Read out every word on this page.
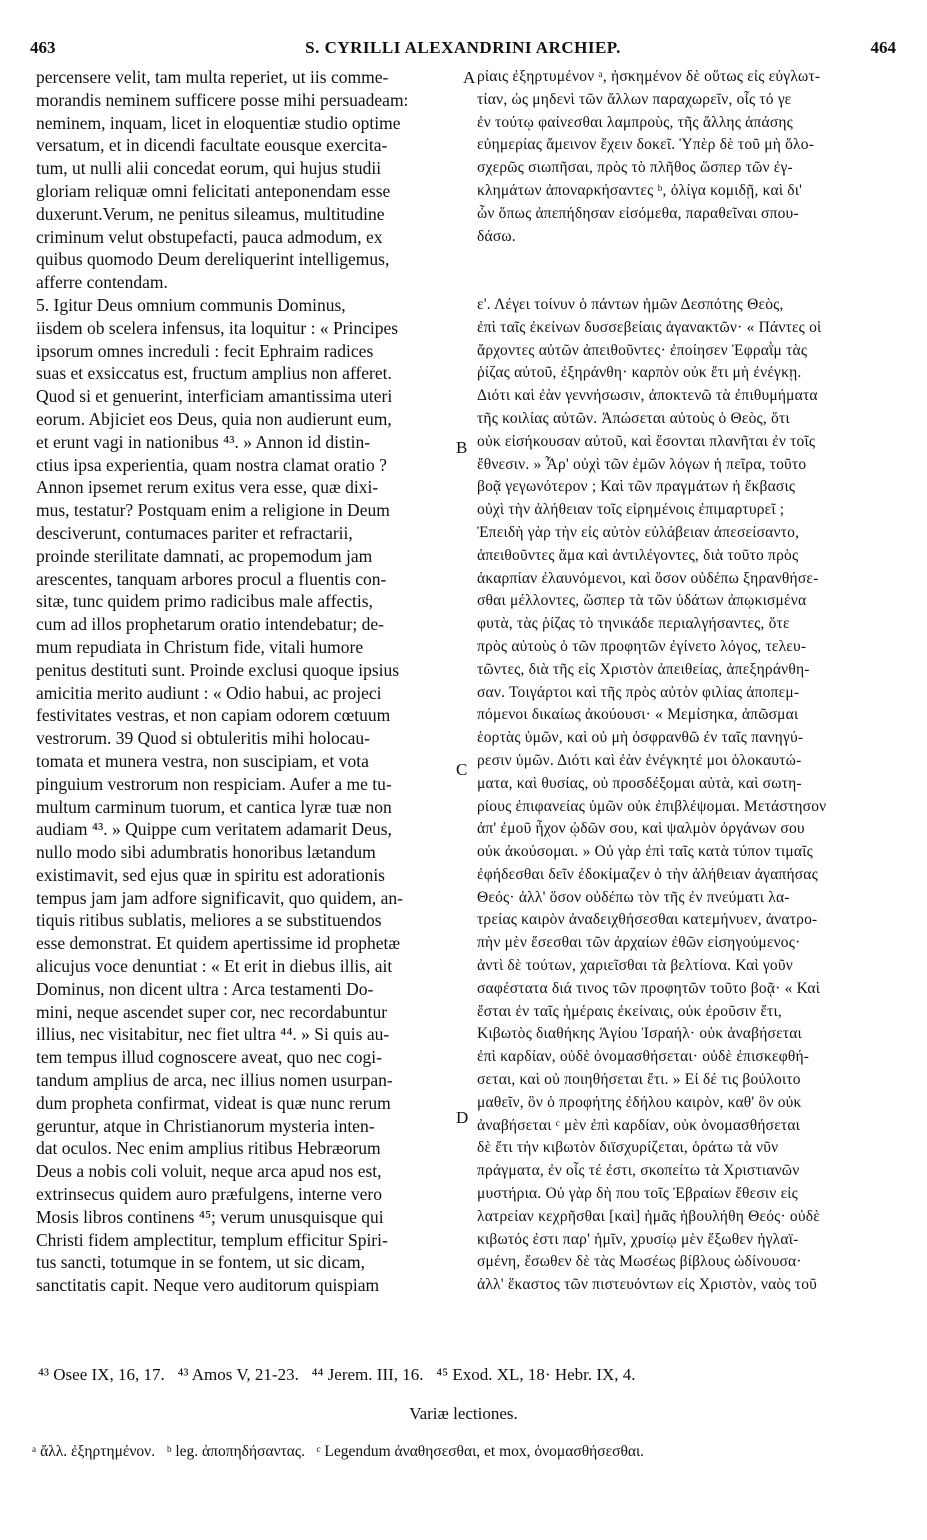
463	S. CYRILLI ALEXANDRINI ARCHIEP.	464
percensere velit, tam multa reperiet, ut iis comme-
morandis neminem sufficere posse mihi persuadeam:
neminem, inquam, licet in eloquentiæ studio optime
versatum, et in dicendi facultate eousque exercita-
tum, ut nulli alii concedat eorum, qui hujus studii
gloriam reliquæ omni felicitati anteponendam esse
duxerunt.Verum, ne penitus sileamus, multitudine
criminum velut obstupefacti, pauca admodum, ex
quibus quomodo Deum dereliquerint intelligemus,
afferre contendam.
5. Igitur Deus omnium communis Dominus,
iisdem ob scelera infensus, ita loquitur : « Principes
ipsorum omnes increduli : fecit Ephraim radices
suas et exsiccatus est, fructum amplius non afferet.
Quod si et genuerint, interficiam amantissima uteri
eorum. Abjiciet eos Deus, quia non audierunt eum,
et erunt vagi in nationibus ⁴³. » Annon id distin-
ctius ipsa experientia, quam nostra clamat oratio ?
Annon ipsemet rerum exitus vera esse, quæ dixi-
mus, testatur? Postquam enim a religione in Deum
desciverunt, contumaces pariter et refractarii,
proinde sterilitate damnati, ac propemodum jam
arescentes, tanquam arbores procul a fluentis con-
sitæ, tunc quidem primo radicibus male affectis,
cum ad illos prophetarum oratio intendebatur; de-
mum repudiata in Christum fide, vitali humore
penitus destituti sunt. Proinde exclusi quoque ipsius
amicitia merito audiunt : « Odio habui, ac projeci
festivitates vestras, et non capiam odorem cœtuum
vestrorum. 39 Quod si obtuleritis mihi holocau-
tomata et munera vestra, non suscipiam, et vota
pinguium vestrorum non respiciam. Aufer a me tu-
multum carminum tuorum, et cantica lyræ tuæ non
audiam ⁴³. » Quippe cum veritatem adamarit Deus,
nullo modo sibi adumbratis honoribus lætandum
existimavit, sed ejus quæ in spiritu est adorationis
tempus jam jam adfore significavit, quo quidem, an-
tiquis ritibus sublatis, meliores a se substituendos
esse demonstrat. Et quidem apertissime id prophetæ
alicujus voce denuntiat : « Et erit in diebus illis, ait
Dominus, non dicent ultra : Arca testamenti Do-
mini, neque ascendet super cor, nec recordabuntur
illius, nec visitabitur, nec fiet ultra ⁴⁴. » Si quis au-
tem tempus illud cognoscere aveat, quo nec cogi-
tandum amplius de arca, nec illius nomen usurpan-
dum propheta confirmat, videat is quæ nunc rerum
geruntur, atque in Christianorum mysteria inten-
dat oculos. Nec enim amplius ritibus Hebræorum
Deus a nobis coli voluit, neque arca apud nos est,
extrinsecus quidem auro præfulgens, interne vero
Mosis libros continens ⁴⁵; verum unusquisque qui
Christi fidem amplectitur, templum efficitur Spiri-
tus sancti, totumque in se fontem, ut sic dicam,
sanctitatis capit. Neque vero auditorum quispiam
ρίαις ἐξηρτυμένον ᵃ, ἠσκημένον δὲ οὕτως εἰς εὐγλωτ-
τίαν, ὡς μηδενὶ τῶν ἄλλων παραχωρεῖν, οἷς τό γε
ἐν τούτῳ φαίνεσθαι λαμπροὺς, τῆς ἄλλης ἁπάσης
εὐημερίας ἄμεινον ἔχειν δοκεῖ. Ὑπὲρ δὲ τοῦ μὴ ὅλο-
σχερῶς σιωπῆσαι, πρὸς τὸ πλῆθος ὥσπερ τῶν ἐγ-
κλημάτων ἀποναρκήσαντες ᵇ, ὀλίγα κομιδῇ, καὶ δι'
ὧν ὅπως ἀπεπήδησαν εἰσόμεθα, παραθεῖναι σπου-
δάσω.
ε'. Λέγει τοίνυν ὁ πάντων ἡμῶν Δεσπότης Θεὸς,
ἐπὶ ταῖς ἐκείνων δυσσεβείαις ἀγανακτῶν· « Πάντες οἱ
ἄρχοντες αὐτῶν ἀπειθοῦντες· ἐποίησεν Ἐφραῒμ τὰς
ῥίζας αὐτοῦ, ἐξηράνθη· καρπὸν οὐκ ἔτι μὴ ἐνέγκῃ.
Διότι καὶ ἐὰν γεννήσωσιν, ἀποκτενῶ τὰ ἐπιθυμήματα
τῆς κοιλίας αὐτῶν. Ἀπώσεται αὐτοὺς ὁ Θεὸς, ὅτι
οὐκ εἰσήκουσαν αὐτοῦ, καὶ ἔσονται πλανῆται ἐν τοῖς
ἔθνεσιν. » Ἆρ' οὐχὶ τῶν ἐμῶν λόγων ἡ πεῖρα, τοῦτο
βοᾷ γεγωνότερον ; Καὶ τῶν πραγμάτων ἡ ἔκβασις
οὐχὶ τὴν ἀλήθειαν τοῖς εἰρημένοις ἐπιμαρτυρεῖ ;
Ἐπειδὴ γὰρ τὴν εἰς αὐτὸν εὐλάβειαν ἀπεσείσαντο,
ἀπειθοῦντες ἅμα καὶ ἀντιλέγοντες, διὰ τοῦτο πρὸς
ἀκαρπίαν ἐλαυνόμενοι, καὶ ὅσον οὐδέπω ξηρανθήσε-
σθαι μέλλοντες, ὥσπερ τὰ τῶν ὑδάτων ἀπῳκισμένα
φυτὰ, τὰς ῥίζας τὸ τηνικάδε περιαλγήσαντες, ὅτε
πρὸς αὐτοὺς ὁ τῶν προφητῶν ἐγίνετο λόγος, τελευ-
τῶντες, διὰ τῆς εἰς Χριστὸν ἀπειθείας, ἀπεξηράνθη-
σαν. Τοιγάρτοι καὶ τῆς πρὸς αὐτὸν φιλίας ἀποπεμ-
πόμενοι δικαίως ἀκούουσι· « Μεμίσηκα, ἀπῶσμαι
ἑορτὰς ὑμῶν, καὶ οὐ μὴ ὀσφρανθῶ ἐν ταῖς πανηγύ-
ρεσιν ὑμῶν. Διότι καὶ ἐὰν ἐνέγκητέ μοι ὁλοκαυτώ-
ματα, καὶ θυσίας, οὐ προσδέξομαι αὐτὰ, καὶ σωτη-
ρίους ἐπιφανείας ὑμῶν οὐκ ἐπιβλέψομαι. Μετάστησον
ἀπ' ἐμοῦ ἦχον ᾠδῶν σου, καὶ ψαλμὸν ὀργάνων σου
οὐκ ἀκούσομαι. » Οὐ γὰρ ἐπὶ ταῖς κατὰ τύπον τιμαῖς
ἐφήδεσθαι δεῖν ἐδοκίμαζεν ὁ τὴν ἀλήθειαν ἀγαπήσας
Θεός· ἀλλ' ὅσον οὐδέπω τὸν τῆς ἐν πνεύματι λα-
τρείας καιρὸν ἀναδειχθήσεσθαι κατεμήνυεν, ἀνατρο-
πὴν μὲν ἔσεσθαι τῶν ἀρχαίων ἐθῶν εἰσηγούμενος·
ἀντὶ δὲ τούτων, χαριεῖσθαι τὰ βελτίονα. Καὶ γοῦν
σαφέστατα διά τινος τῶν προφητῶν τοῦτο βοᾷ· « Καὶ
ἔσται ἐν ταῖς ἡμέραις ἐκείναις, οὐκ ἐροῦσιν ἔτι,
Κιβωτὸς διαθήκης Ἁγίου Ἰσραήλ· οὐκ ἀναβήσεται
ἐπὶ καρδίαν, οὐδὲ ὀνομασθήσεται· οὐδὲ ἐπισκεφθή-
σεται, καὶ οὐ ποιηθήσεται ἔτι. » Εἰ δέ τις βούλοιτο
μαθεῖν, ὃν ὁ προφήτης ἐδήλου καιρὸν, καθ' ὃν οὐκ
ἀναβήσεται ᶜ μὲν ἐπὶ καρδίαν, οὐκ ὀνομασθήσεται
δὲ ἔτι τὴν κιβωτὸν διϊσχυρίζεται, ὁράτω τὰ νῦν
πράγματα, ἐν οἷς τέ ἐστι, σκοπείτω τὰ Χριστιανῶν
μυστήρια. Οὐ γὰρ δὴ που τοῖς Ἑβραίων ἔθεσιν εἰς
λατρείαν κεχρῆσθαι [καὶ] ἡμᾶς ἠβουλήθη Θεός· οὐδὲ
κιβωτός ἐστι παρ' ἡμῖν, χρυσίῳ μὲν ἔξωθεν ἠγλαϊ-
σμένη, ἔσωθεν δὲ τὰς Μωσέως βίβλους ὠδίνουσα·
ἀλλ' ἕκαστος τῶν πιστευόντων εἰς Χριστὸν, ναὸς τοῦ
A
B
C
D
⁴³ Osee IX, 16, 17.   ⁴³ Amos V, 21-23.   ⁴⁴ Jerem. III, 16.   ⁴⁵ Exod. XL, 18· Hebr. IX, 4.
Variæ lectiones.
ᵃ ἄλλ. ἐξηρτημένον.   ᵇ leg. ἀποπηδήσαντας.   ᶜ Legendum ἀναθησεσθαι, et mox, ὀνομασθήσεσθαι.
